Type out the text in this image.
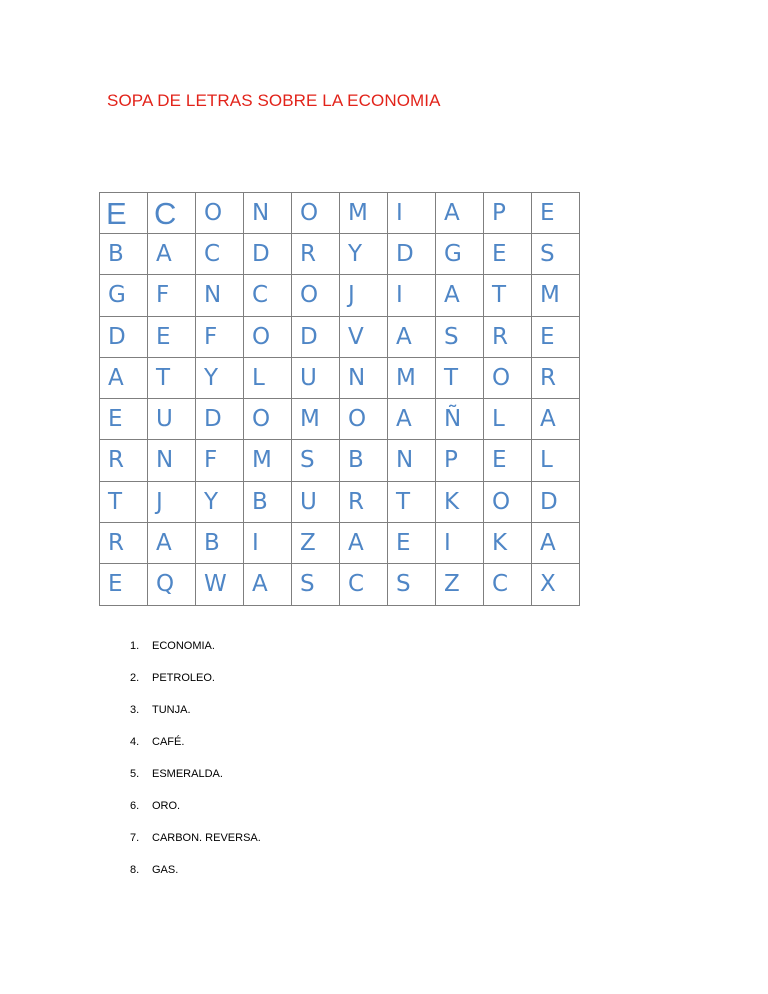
SOPA DE LETRAS SOBRE LA ECONOMIA
E	C	O	N	O	M	I	A	P	E
B	A	C	D	R	Y	D	G	E	S
G	F	N	C	O	J	I	A	T	M
D	E	F	O	D	V	A	S	R	E
A	T	Y	L	U	N	M	T	O	R
E	U	D	O	M	O	A	Ñ	L	A
R	N	F	M	S	B	N	P	E	L
T	J	Y	B	U	R	T	K	O	D
R	A	B	I	Z	A	E	I	K	A
E	Q	W	A	S	C	S	Z	C	X
1.	ECONOMIA.
2.	PETROLEO.
3.	TUNJA.
4.	CAFÉ.
5.	ESMERALDA.
6.	ORO.
7.	CARBON. REVERSA.
8.	GAS.
